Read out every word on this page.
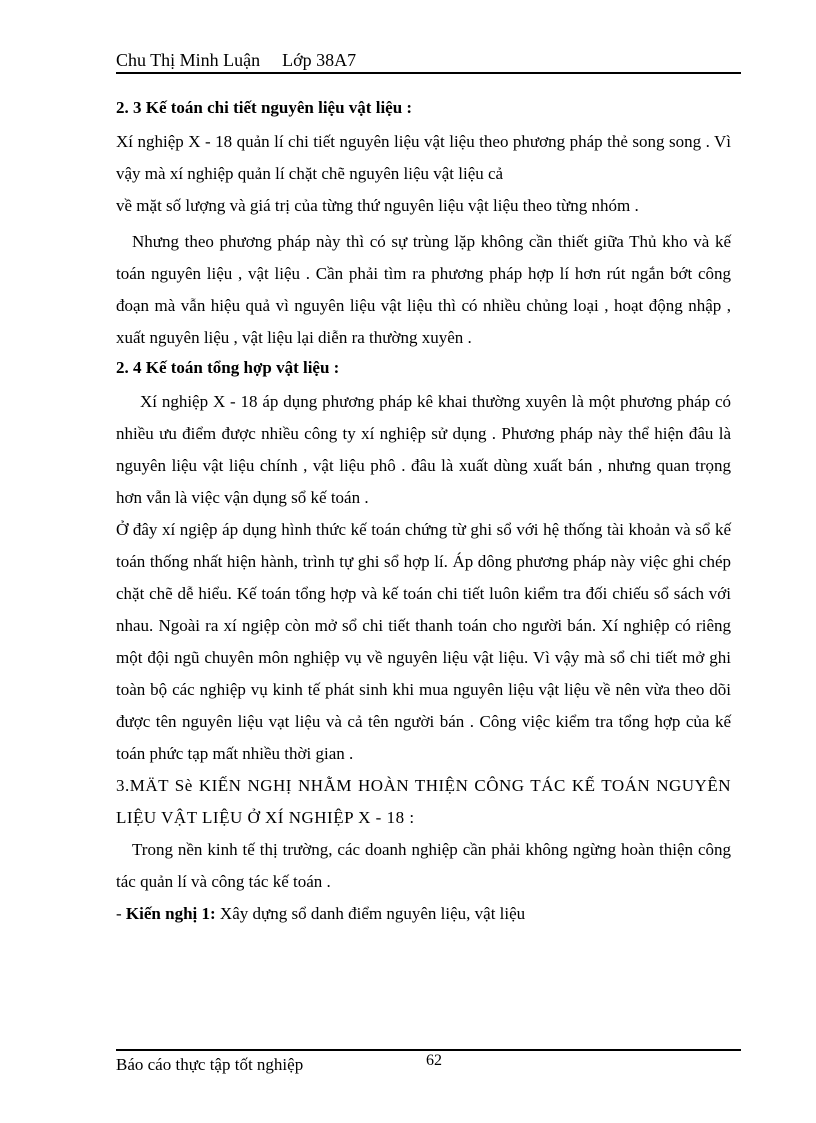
Chu Thị Minh Luận Lớp 38A7

2. 3 Kế toán chi tiết nguyên liệu vật liệu :

Xí nghiệp X - 18 quản lí chi tiết nguyên liệu vật liệu theo phương pháp thẻ song song . Vì vậy mà xí nghiệp quản lí chặt chẽ nguyên liệu vật liệu cả

về mặt số lượng và giá trị của từng thứ nguyên liệu vật liệu theo từng nhóm .

Nhưng theo phương pháp này thì có sự trùng lặp không cần thiết giữa Thủ kho và kế toán nguyên liệu , vật liệu . Cần phải tìm ra phương pháp hợp lí hơn rút ngắn bớt công đoạn mà vẫn hiệu quả vì nguyên liệu vật liệu thì có nhiều chủng loại , hoạt động nhập , xuất nguyên liệu , vật liệu lại diễn ra thường xuyên .

2. 4 Kế toán tổng hợp vật liệu :

Xí nghiệp X - 18 áp dụng phương pháp kê khai thường xuyên là một phương pháp có nhiều ưu điểm được nhiều công ty xí nghiệp sử dụng . Phương pháp này thể hiện đâu là nguyên liệu vật liệu chính , vật liệu phô . đâu là xuất dùng xuất bán , nhưng quan trọng hơn vẫn là việc vận dụng sổ kế toán .

Ở đây xí ngiệp áp dụng hình thức kế toán chứng từ ghi sổ với hệ thống tài khoản và sổ kế toán thống nhất hiện hành, trình tự ghi sổ hợp lí. Áp dông phương pháp này việc ghi chép chặt chẽ dễ hiểu. Kế toán tổng hợp và kế toán chi tiết luôn kiểm tra đối chiếu sổ sách với nhau. Ngoài ra xí ngiệp còn mở sổ chi tiết thanh toán cho người bán. Xí nghiệp có riêng một đội ngũ chuyên môn nghiệp vụ về nguyên liệu vật liệu. Vì vậy mà sổ chi tiết mở ghi toàn bộ các nghiệp vụ kinh tế phát sinh khi mua nguyên liệu vật liệu về nên vừa theo dõi được tên nguyên liệu vạt liệu và cả tên người bán . Công việc kiểm tra tổng hợp của kế toán phức tạp mất nhiều thời gian .

3.MÄT Sè KIẾN NGHỊ NHẰM HOÀN THIỆN CÔNG TÁC KẾ TOÁN NGUYÊN LIỆU VẬT LIỆU Ở XÍ NGHIỆP X - 18 :

Trong nền kinh tế thị trường, các doanh nghiệp cần phải không ngừng hoàn thiện công tác quản lí và công tác kế toán .

- Kiến nghị 1: Xây dựng sổ danh điểm nguyên liệu, vật liệu

Báo cáo thực tập tốt nghiệp	62
